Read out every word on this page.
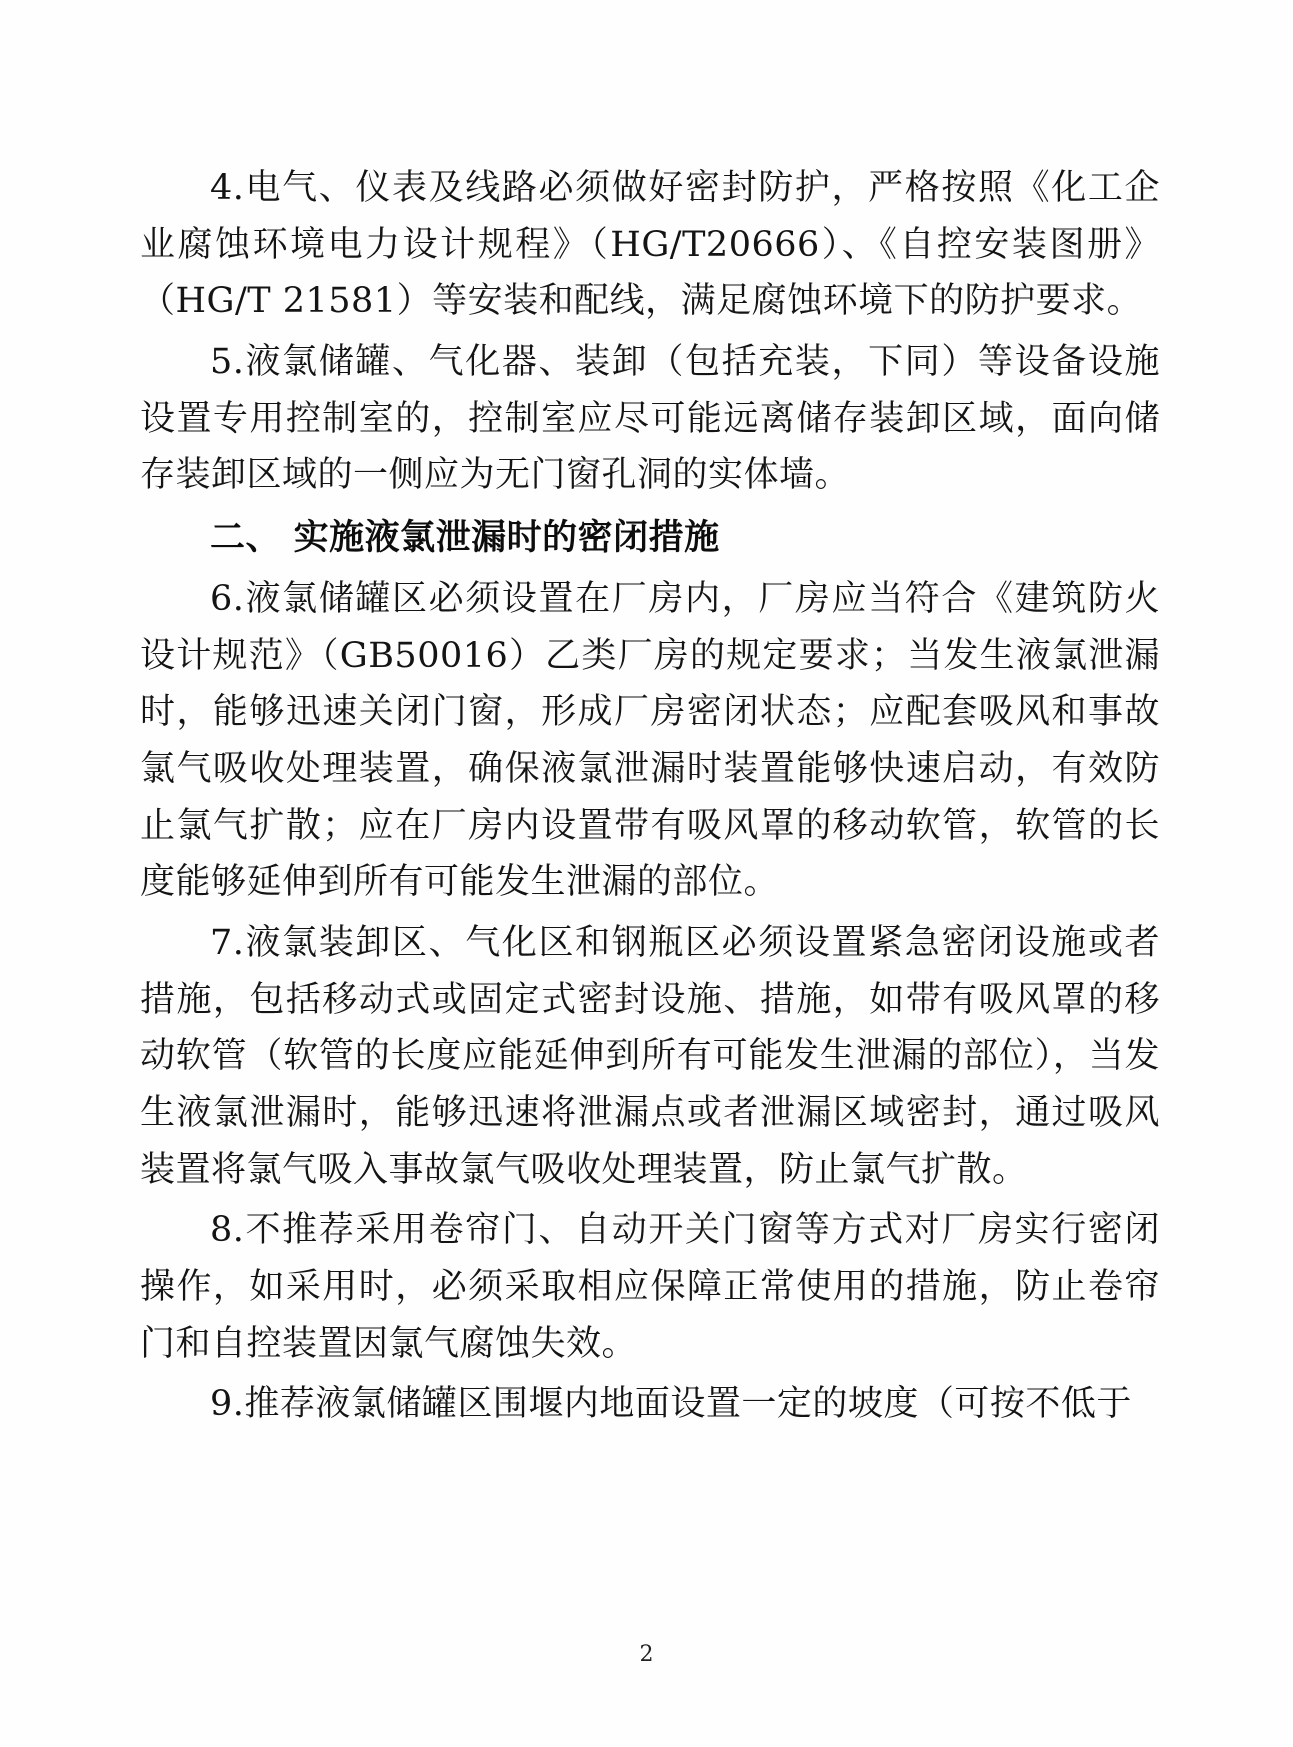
4.电气、仪表及线路必须做好密封防护，严格按照《化工企业腐蚀环境电力设计规程》（HG/T20666）、《自控安装图册》（HG/T 21581）等安装和配线，满足腐蚀环境下的防护要求。

5.液氯储罐、气化器、装卸（包括充装，下同）等设备设施设置专用控制室的，控制室应尽可能远离储存装卸区域，面向储存装卸区域的一侧应为无门窗孔洞的实体墙。

二、 实施液氯泄漏时的密闭措施

6.液氯储罐区必须设置在厂房内，厂房应当符合《建筑防火设计规范》（GB50016）乙类厂房的规定要求；当发生液氯泄漏时，能够迅速关闭门窗，形成厂房密闭状态；应配套吸风和事故氯气吸收处理装置，确保液氯泄漏时装置能够快速启动，有效防止氯气扩散；应在厂房内设置带有吸风罩的移动软管，软管的长度能够延伸到所有可能发生泄漏的部位。

7.液氯装卸区、气化区和钢瓶区必须设置紧急密闭设施或者措施，包括移动式或固定式密封设施、措施，如带有吸风罩的移动软管（软管的长度应能延伸到所有可能发生泄漏的部位），当发生液氯泄漏时，能够迅速将泄漏点或者泄漏区域密封，通过吸风装置将氯气吸入事故氯气吸收处理装置，防止氯气扩散。

8.不推荐采用卷帘门、自动开关门窗等方式对厂房实行密闭操作，如采用时，必须采取相应保障正常使用的措施，防止卷帘门和自控装置因氯气腐蚀失效。

9.推荐液氯储罐区围堰内地面设置一定的坡度（可按不低于

2
